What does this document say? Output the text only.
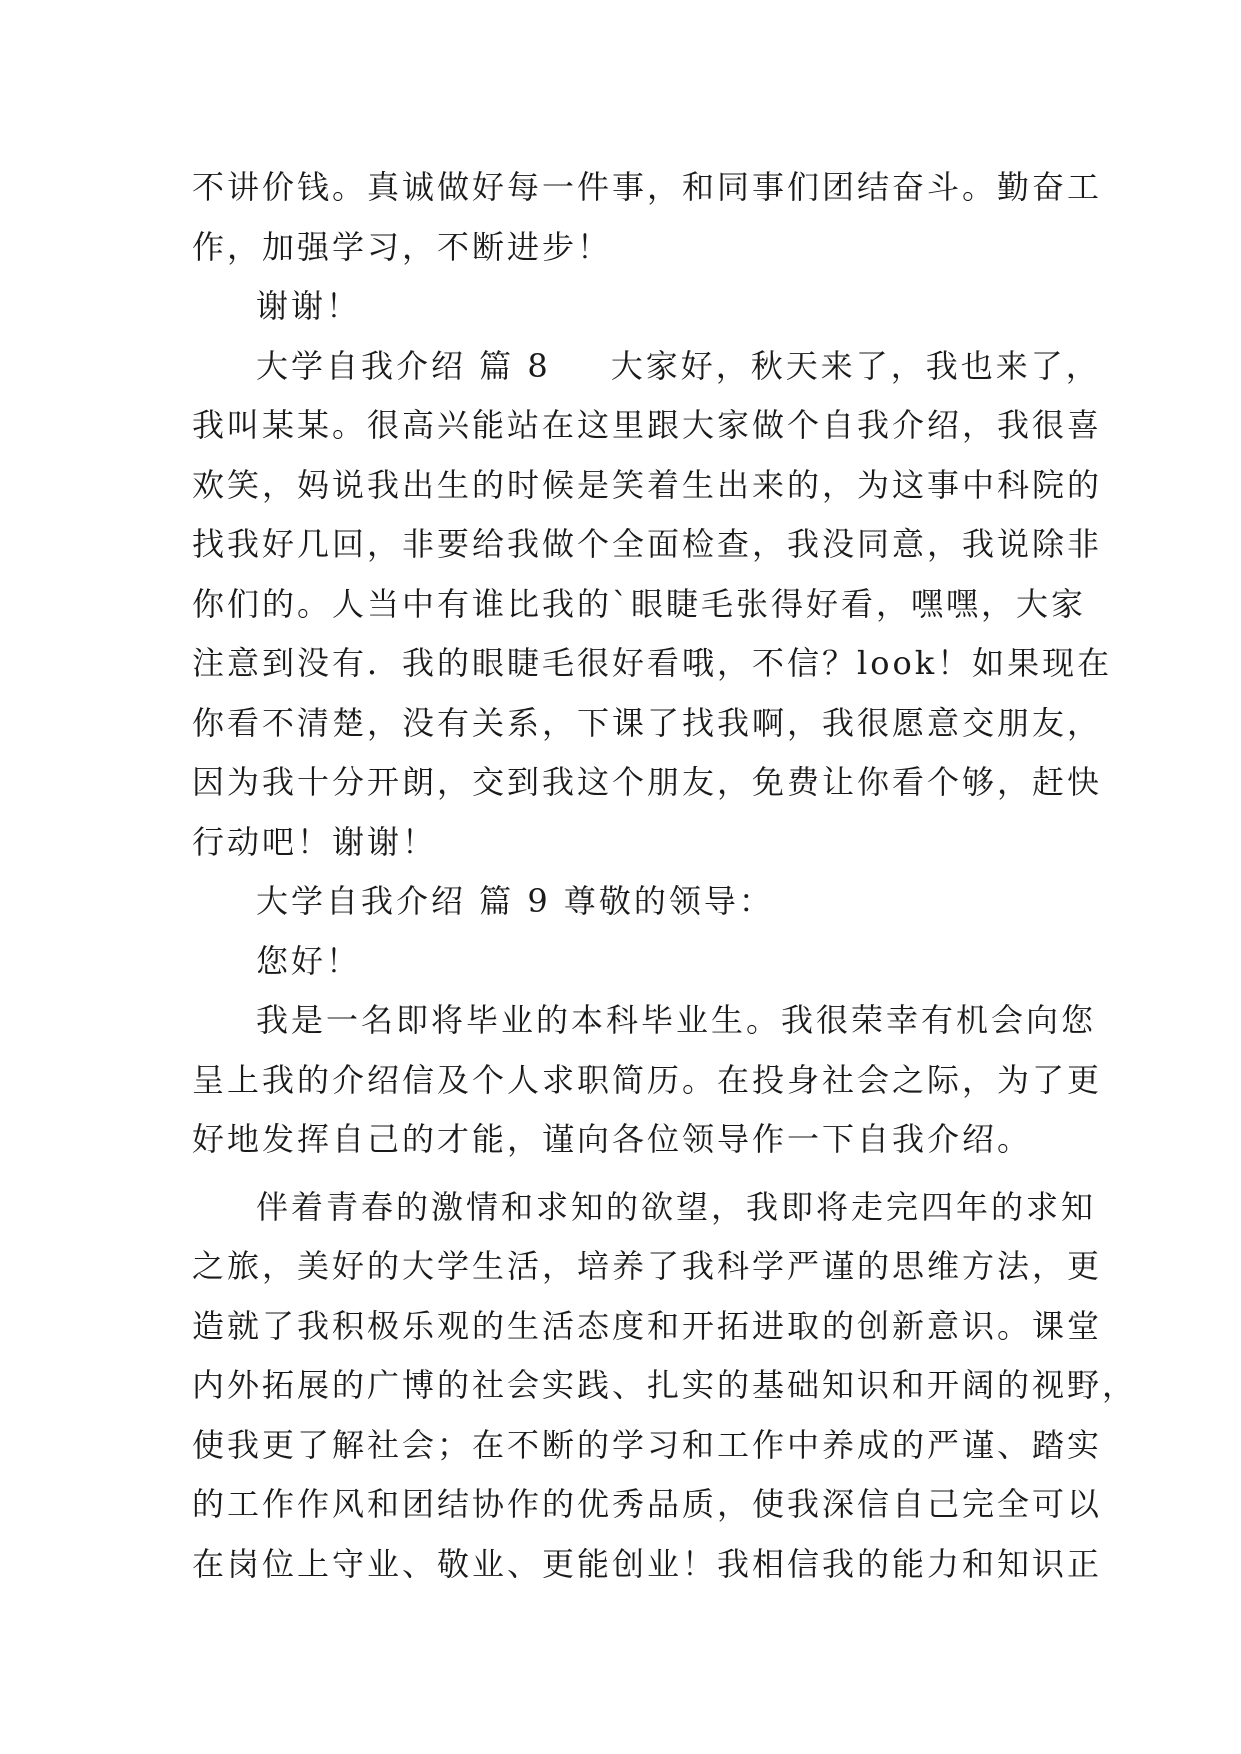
不讲价钱。真诚做好每一件事，和同事们团结奋斗。勤奋工
作，加强学习，不断进步！
谢谢！
大学自我介绍 篇 8 大家好，秋天来了，我也来了，
我叫某某。很高兴能站在这里跟大家做个自我介绍，我很喜
欢笑，妈说我出生的时候是笑着生出来的，为这事中科院的
找我好几回，非要给我做个全面检查，我没同意，我说除非
你们的。人当中有谁比我的`眼睫毛张得好看，嘿嘿，大家
注意到没有．我的眼睫毛很好看哦，不信？look！如果现在
你看不清楚，没有关系，下课了找我啊，我很愿意交朋友，
因为我十分开朗，交到我这个朋友，免费让你看个够，赶快
行动吧！谢谢！
大学自我介绍 篇 9 尊敬的领导：
您好！
我是一名即将毕业的本科毕业生。我很荣幸有机会向您
呈上我的介绍信及个人求职简历。在投身社会之际，为了更
好地发挥自己的才能，谨向各位领导作一下自我介绍。
伴着青春的激情和求知的欲望，我即将走完四年的求知
之旅，美好的大学生活，培养了我科学严谨的思维方法，更
造就了我积极乐观的生活态度和开拓进取的创新意识。课堂
内外拓展的广博的社会实践、扎实的基础知识和开阔的视野，
使我更了解社会；在不断的学习和工作中养成的严谨、踏实
的工作作风和团结协作的优秀品质，使我深信自己完全可以
在岗位上守业、敬业、更能创业！我相信我的能力和知识正
